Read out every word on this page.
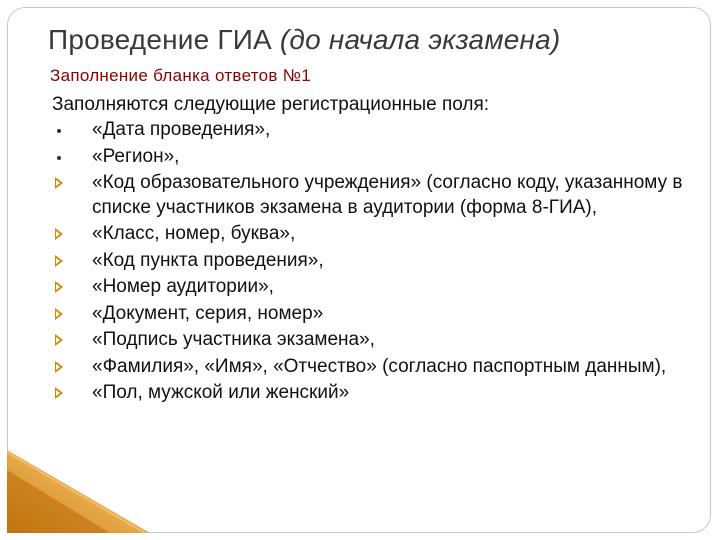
Проведение ГИА (до начала экзамена)
Заполнение бланка ответов №1
Заполняются следующие регистрационные поля:
«Дата проведения»,
«Регион»,
«Код образовательного учреждения» (согласно коду, указанному в списке участников экзамена в аудитории (форма 8-ГИА),
«Класс, номер, буква»,
«Код пункта проведения»,
«Номер аудитории»,
«Документ, серия, номер»
«Подпись участника экзамена»,
«Фамилия», «Имя», «Отчество» (согласно паспортным данным),
«Пол, мужской или женский»
